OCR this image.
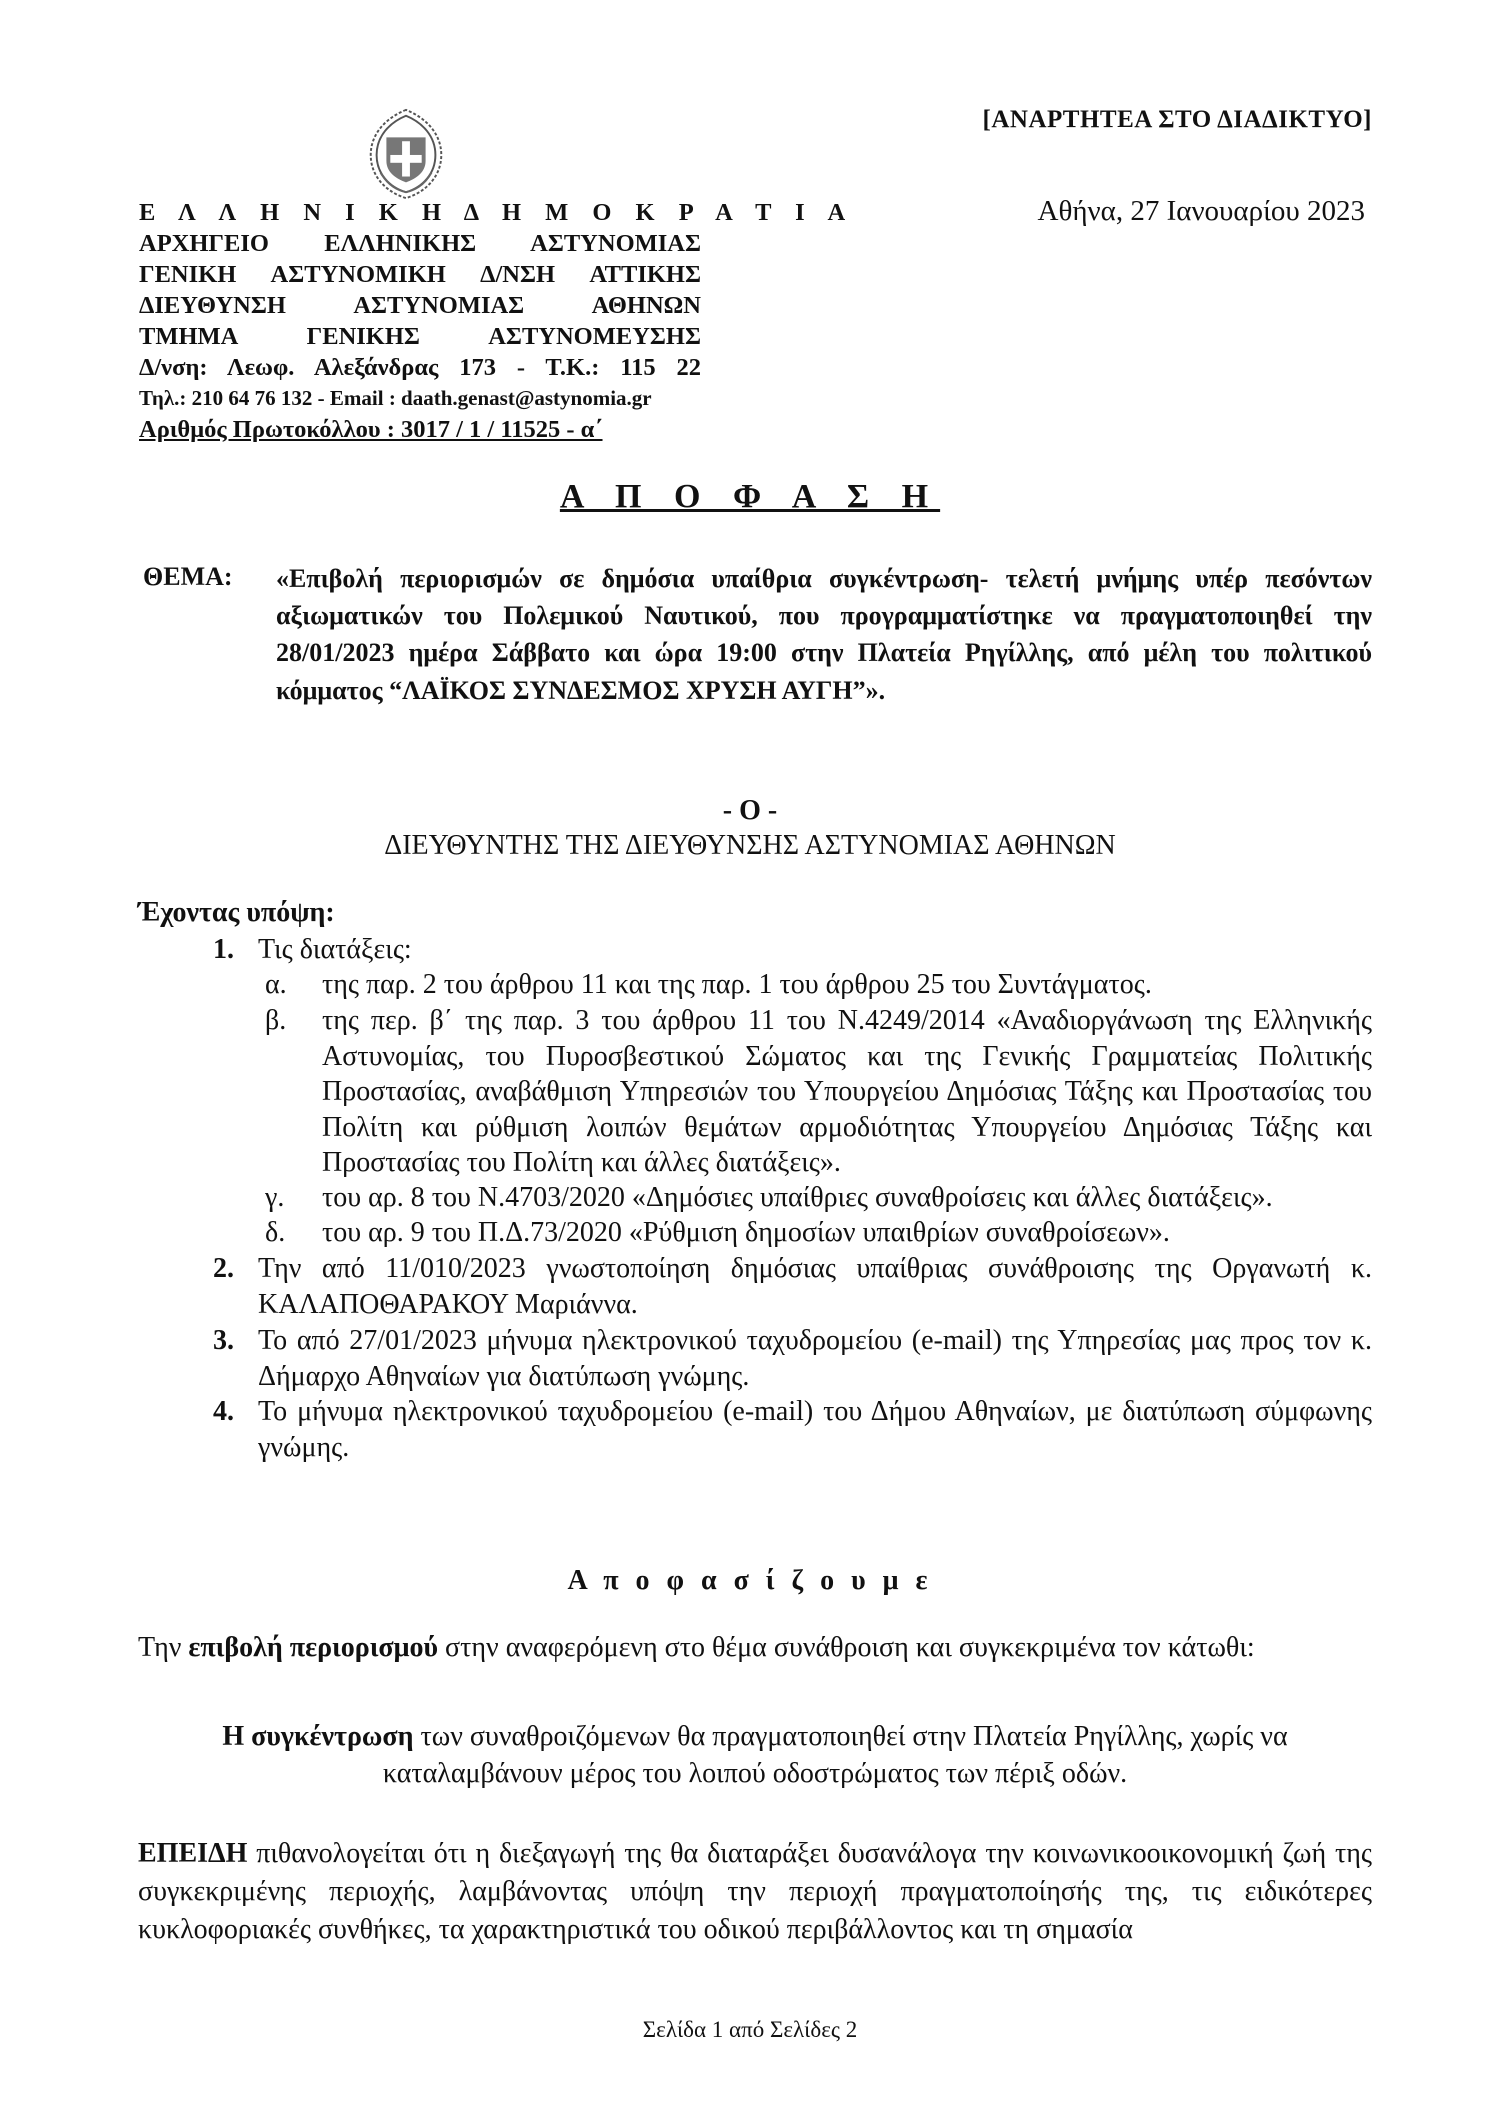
[ΑΝΑΡΤΗΤΕΑ ΣΤΟ ΔΙΑΔΙΚΤΥΟ]
Αθήνα, 27 Ιανουαρίου 2023
Ε Λ Λ Η Ν Ι Κ Η Δ Η Μ Ο Κ Ρ Α Τ Ι Α
ΑΡΧΗΓΕΙΟ ΕΛΛΗΝΙΚΗΣ ΑΣΤΥΝΟΜΙΑΣ
ΓΕΝΙΚΗ ΑΣΤΥΝΟΜΙΚΗ Δ/ΝΣΗ ΑΤΤΙΚΗΣ
ΔΙΕΥΘΥΝΣΗ ΑΣΤΥΝΟΜΙΑΣ ΑΘΗΝΩΝ
ΤΜΗΜΑ ΓΕΝΙΚΗΣ ΑΣΤΥΝΟΜΕΥΣΗΣ
Δ/νση: Λεωφ. Αλεξάνδρας 173 - Τ.Κ.: 115 22
Τηλ.: 210 64 76 132 - Email : daath.genast@astynomia.gr
Αριθμός Πρωτοκόλλου : 3017 / 1 / 11525 - α΄
Α Π Ο Φ Α Σ Η
ΘΕΜΑ: «Επιβολή περιορισμών σε δημόσια υπαίθρια συγκέντρωση- τελετή μνήμης υπέρ πεσόντων αξιωματικών του Πολεμικού Ναυτικού, που προγραμματίστηκε να πραγματοποιηθεί την 28/01/2023 ημέρα Σάββατο και ώρα 19:00 στην Πλατεία Ρηγίλλης, από μέλη του πολιτικού κόμματος “ΛΑΪΚΟΣ ΣΥΝΔΕΣΜΟΣ ΧΡΥΣΗ ΑΥΓΗ”».
- Ο -
ΔΙΕΥΘΥΝΤΗΣ ΤΗΣ ΔΙΕΥΘΥΝΣΗΣ ΑΣΤΥΝΟΜΙΑΣ ΑΘΗΝΩΝ
Έχοντας υπόψη:
1. Τις διατάξεις:
α. της παρ. 2 του άρθρου 11 και της παρ. 1 του άρθρου 25 του Συντάγματος.
β.	της περ. β΄ της παρ. 3 του άρθρου 11 του Ν.4249/2014 «Αναδιοργάνωση της Ελληνικής Αστυνομίας, του Πυροσβεστικού Σώματος και της Γενικής Γραμματείας Πολιτικής Προστασίας, αναβάθμιση Υπηρεσιών του Υπουργείου Δημόσιας Τάξης και Προστασίας του Πολίτη και ρύθμιση λοιπών θεμάτων αρμοδιότητας Υπουργείου Δημόσιας Τάξης και Προστασίας του Πολίτη και άλλες διατάξεις».
γ.	του αρ. 8 του Ν.4703/2020 «Δημόσιες υπαίθριες συναθροίσεις και άλλες διατάξεις».
δ.	του αρ. 9 του Π.Δ.73/2020 «Ρύθμιση δημοσίων υπαιθρίων συναθροίσεων».
2. Την από 11/010/2023 γνωστοποίηση δημόσιας υπαίθριας συνάθροισης της Οργανωτή κ. ΚΑΛΑΠΟΘΑΡΑΚΟΥ Μαριάννα.
3. Το από 27/01/2023 μήνυμα ηλεκτρονικού ταχυδρομείου (e-mail) της Υπηρεσίας μας προς τον κ. Δήμαρχο Αθηναίων για διατύπωση γνώμης.
4. Το μήνυμα ηλεκτρονικού ταχυδρομείου (e-mail) του Δήμου Αθηναίων, με διατύπωση σύμφωνης γνώμης.
Α π ο φ α σ ί ζ ο υ μ ε
Την επιβολή περιορισμού στην αναφερόμενη στο θέμα συνάθροιση και συγκεκριμένα τον κάτωθι:
Η συγκέντρωση των συναθροιζόμενων θα πραγματοποιηθεί στην Πλατεία Ρηγίλλης, χωρίς να καταλαμβάνουν μέρος του λοιπού οδοστρώματος των πέριξ οδών.
ΕΠΕΙΔΗ πιθανολογείται ότι η διεξαγωγή της θα διαταράξει δυσανάλογα την κοινωνικοοικονομική ζωή της συγκεκριμένης περιοχής, λαμβάνοντας υπόψη την περιοχή πραγματοποίησής της, τις ειδικότερες κυκλοφοριακές συνθήκες, τα χαρακτηριστικά του οδικού περιβάλλοντος και τη σημασία
Σελίδα 1 από Σελίδες 2
